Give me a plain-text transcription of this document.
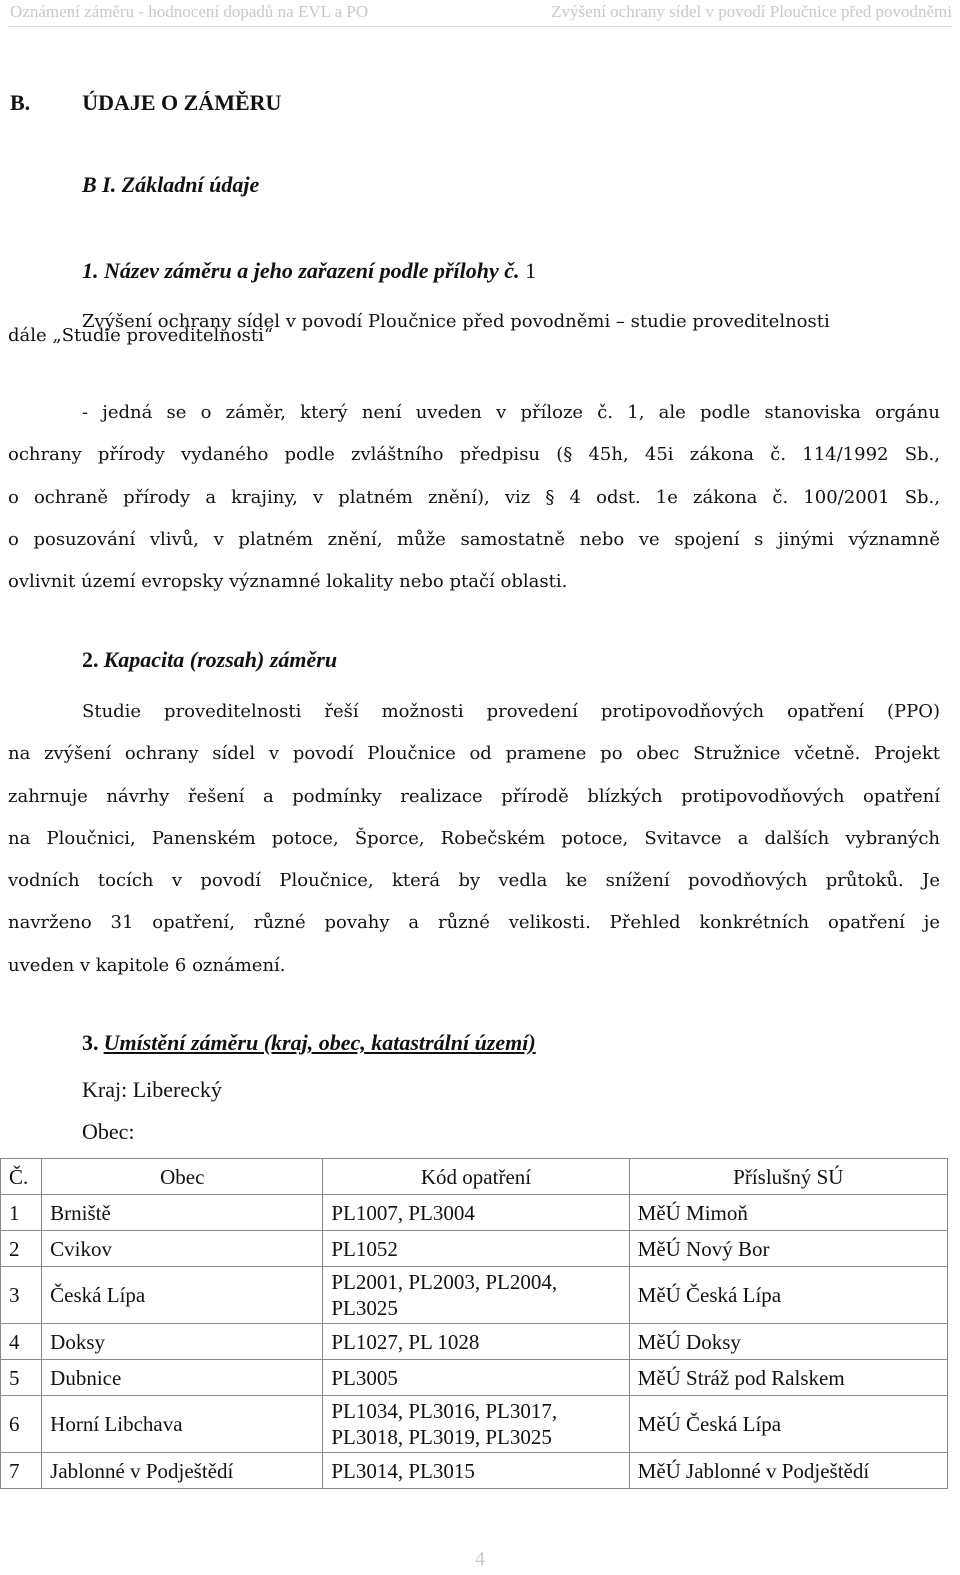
Oznámení záměru - hodnocení dopadů na EVL a PO	Zvýšení ochrany sídel v povodí Ploučnice před povodněmi
B. ÚDAJE O ZÁMĚRU
B I. Základní údaje
1. Název záměru a jeho zařazení podle přílohy č. 1
Zvýšení ochrany sídel v povodí Ploučnice před povodněmi – studie proveditelnosti
dále „Studie proveditelnosti“
- jedná se o záměr, který není uveden v příloze č. 1, ale podle stanoviska orgánu
ochrany přírody vydaného podle zvláštního předpisu (§ 45h, 45i zákona č. 114/1992 Sb.,
o ochraně přírody a krajiny, v platném znění), viz § 4 odst. 1e zákona č. 100/2001 Sb.,
o posuzování vlivů, v platném znění, může samostatně nebo ve spojení s jinými významně
ovlivnit území evropsky významné lokality nebo ptačí oblasti.
2. Kapacita (rozsah) záměru
Studie proveditelnosti řeší možnosti provedení protipovodňových opatření (PPO)
na zvýšení ochrany sídel v povodí Ploučnice od pramene po obec Stružnice včetně. Projekt
zahrnuje návrhy řešení a podmínky realizace přírodě blízkých protipovodňových opatření
na Ploučnici, Panenském potoce, Šporce, Robečském potoce, Svitavce a dalších vybraných
vodních tocích v povodí Ploučnice, která by vedla ke snížení povodňových průtoků. Je
navrženo 31 opatření, různé povahy a různé velikosti. Přehled konkrétních opatření je
uveden v kapitole 6 oznámení.
3. Umístění záměru (kraj, obec, katastrální území)
Kraj: Liberecký
Obec:
Č.	Obec	Kód opatření	Příslušný SÚ
1	Brniště	PL1007, PL3004	MěÚ Mimoň
2	Cvikov	PL1052	MěÚ Nový Bor
3	Česká Lípa	PL2001, PL2003, PL2004,
PL3025	MěÚ Česká Lípa
4	Doksy	PL1027, PL 1028	MěÚ Doksy
5	Dubnice	PL3005	MěÚ Stráž pod Ralskem
6	Horní Libchava	PL1034, PL3016, PL3017,
PL3018, PL3019, PL3025	MěÚ Česká Lípa
7	Jablonné v Podještědí	PL3014, PL3015	MěÚ Jablonné v Podještědí
4
